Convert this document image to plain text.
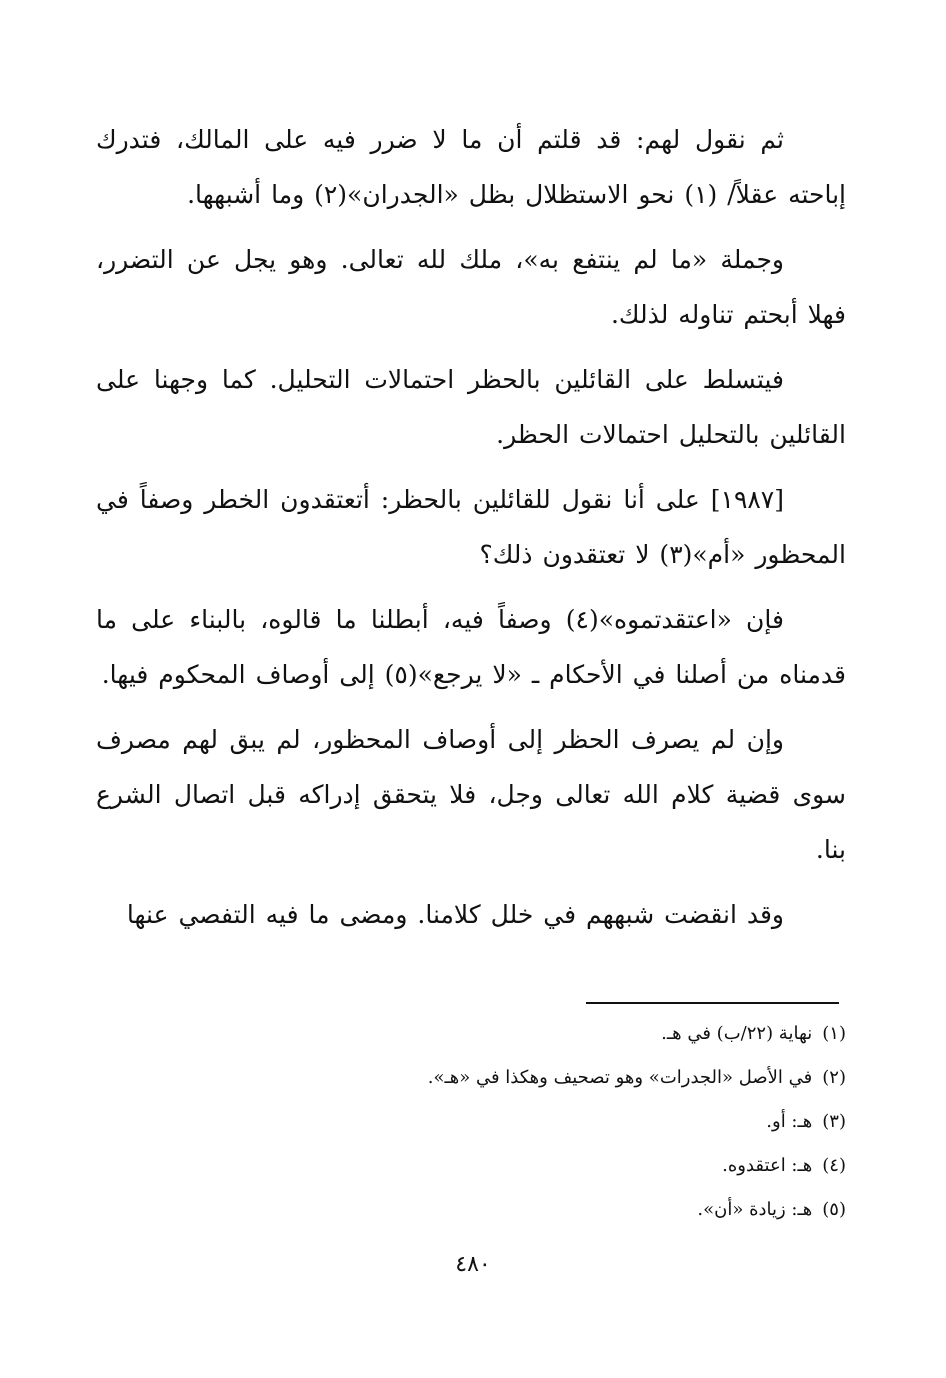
ثم نقول لهم: قد قلتم أن ما لا ضرر فيه على المالك، فتدرك إباحته عقلاً/ (١) نحو الاستظلال بظل «الجدران»(٢) وما أشبهها.

وجملة «ما لم ينتفع به»، ملك لله تعالى. وهو يجل عن التضرر، فهلا أبحتم تناوله لذلك.

فيتسلط على القائلين بالحظر احتمالات التحليل. كما وجهنا على القائلين بالتحليل احتمالات الحظر.

[١٩٨٧] على أنا نقول للقائلين بالحظر: أتعتقدون الخطر وصفاً في المحظور «أم»(٣) لا تعتقدون ذلك؟

فإن «اعتقدتموه»(٤) وصفاً فيه، أبطلنا ما قالوه، بالبناء على ما قدمناه من أصلنا في الأحكام ـ «لا يرجع»(٥) إلى أوصاف المحكوم فيها.

وإن لم يصرف الحظر إلى أوصاف المحظور، لم يبق لهم مصرف سوى قضية كلام الله تعالى وجل، فلا يتحقق إدراكه قبل اتصال الشرع بنا.

وقد انقضت شبههم في خلل كلامنا. ومضى ما فيه التفصي عنها

(١)نهاية (٢٢/ب) في هـ.

(٢)في الأصل «الجدرات» وهو تصحيف وهكذا في «هـ».

(٣)هـ: أو.

(٤)هـ: اعتقدوه.

(٥)هـ: زيادة «أن».

٤٨٠
